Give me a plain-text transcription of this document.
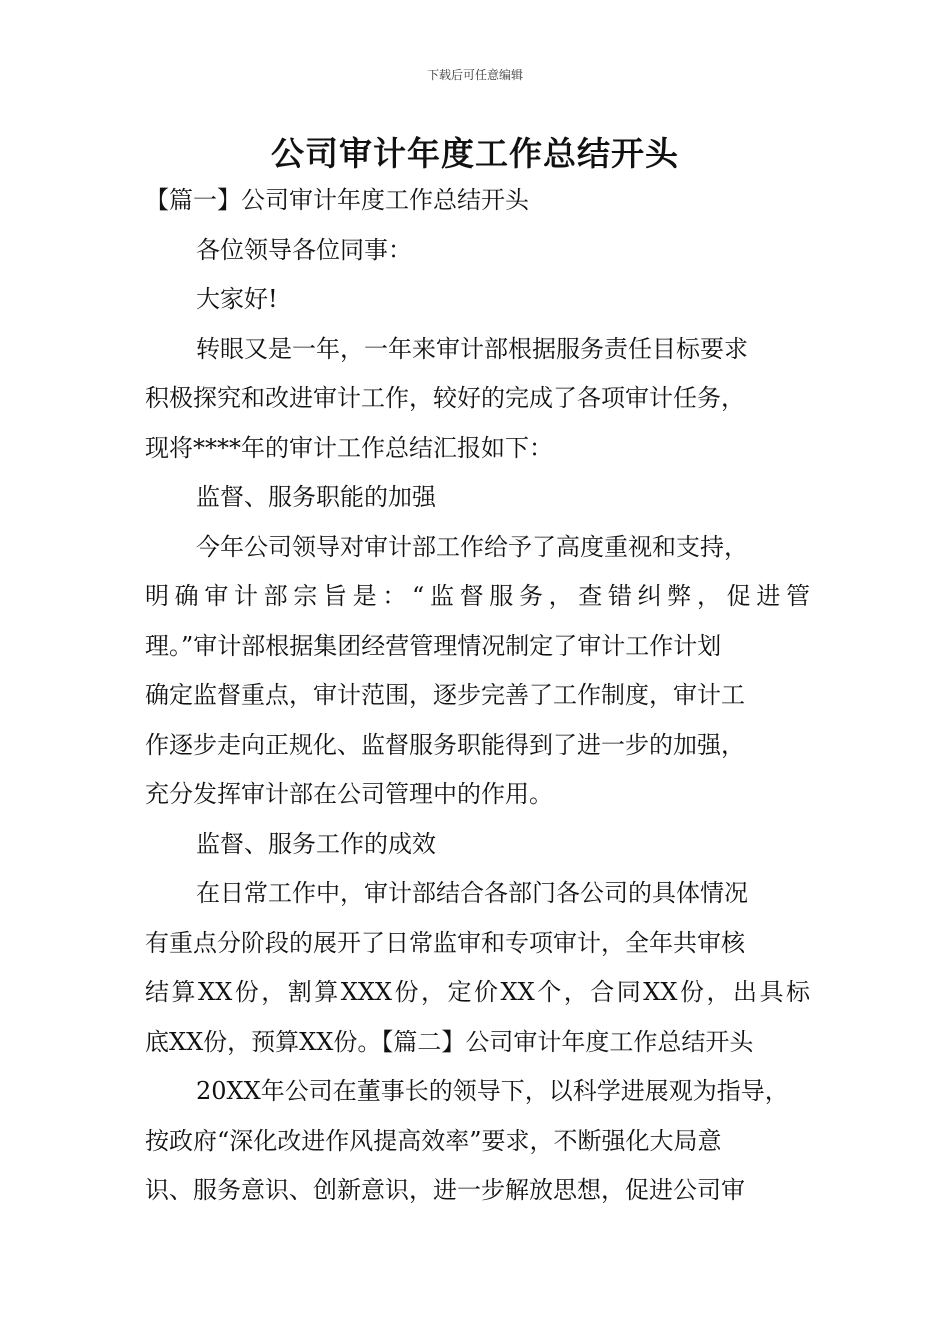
下载后可任意编辑
公司审计年度工作总结开头
【篇一】公司审计年度工作总结开头
各位领导各位同事：
大家好!
转眼又是一年，一年来审计部根据服务责任目标要求
积极探究和改进审计工作，较好的完成了各项审计任务，
现将****年的审计工作总结汇报如下：
监督、服务职能的加强
今年公司领导对审计部工作给予了高度重视和支持，
明确审计部宗旨是：“监督服务，查错纠弊，促进管
理。”审计部根据集团经营管理情况制定了审计工作计划
确定监督重点，审计范围，逐步完善了工作制度，审计工
作逐步走向正规化、监督服务职能得到了进一步的加强，
充分发挥审计部在公司管理中的作用。
监督、服务工作的成效
在日常工作中，审计部结合各部门各公司的具体情况
有重点分阶段的展开了日常监审和专项审计，全年共审核
结算XX份，割算XXX份，定价XX个，合同XX份，出具标
底XX份，预算XX份。【篇二】公司审计年度工作总结开头
20XX年公司在董事长的领导下，以科学进展观为指导，
按政府“深化改进作风提高效率”要求，不断强化大局意
识、服务意识、创新意识，进一步解放思想，促进公司审
